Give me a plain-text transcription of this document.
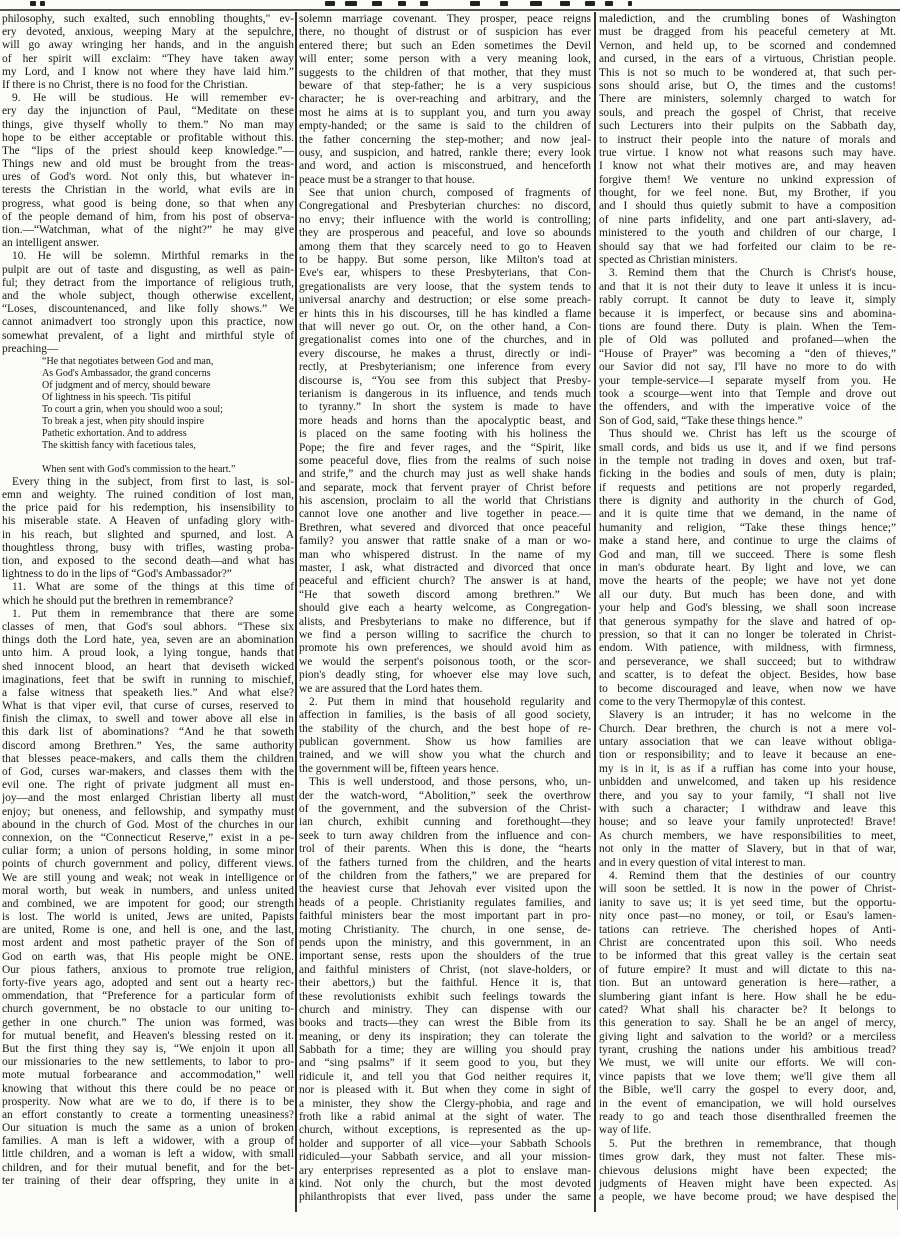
philosophy, such exalted, such ennobling thoughts," ev-
ery devoted, anxious, weeping Mary at the sepulchre,
will go away wringing her hands, and in the anguish
of her spirit will exclaim: “They have taken away
my Lord, and I know not where they have laid him.”
If there is no Christ, there is no food for the Christian.
9. He will be studious. He will remember ev-
ery day the injunction of Paul, “Meditate on these
things, give thyself wholly to them.” No man may
hope to be either acceptable or profitable without this.
The “lips of the priest should keep knowledge.”—
Things new and old must be brought from the treas-
ures of God's word. Not only this, but whatever in-
terests the Christian in the world, what evils are in
progress, what good is being done, so that when any
of the people demand of him, from his post of observa-
tion.—“Watchman, what of the night?” he may give
an intelligent answer.
10. He will be solemn. Mirthful remarks in the
pulpit are out of taste and disgusting, as well as pain-
ful; they detract from the importance of religious truth,
and the whole subject, though otherwise excellent,
“Loses, discountenanced, and like folly shows.” We
cannot animadvert too strongly upon this practice, now
somewhat prevalent, of a light and mirthful style of
preaching—
“He that negotiates between God and man,
As God's Ambassador, the grand concerns
Of judgment and of mercy, should beware
Of lightness in his speech. 'Tis pitiful
To court a grin, when you should woo a soul;
To break a jest, when pity should inspire
Pathetic exhortation. And to address
The skittish fancy with facetious tales,
When sent with God's commission to the heart.”
Every thing in the subject, from first to last, is sol-
emn and weighty. The ruined condition of lost man,
the price paid for his redemption, his insensibility to
his miserable state. A Heaven of unfading glory with-
in his reach, but slighted and spurned, and lost. A
thoughtless throng, busy with trifles, wasting proba-
tion, and exposed to the second death—and what has
lightness to do in the lips of “God's Ambassador?”
11. What are some of the things at this time of
which he should put the brethren in remembrance?
1. Put them in remembrance that there are some
classes of men, that God's soul abhors. “These six
things doth the Lord hate, yea, seven are an abomination
unto him. A proud look, a lying tongue, hands that
shed innocent blood, an heart that deviseth wicked
imaginations, feet that be swift in running to mischief,
a false witness that speaketh lies.” And what else?
What is that viper evil, that curse of curses, reserved to
finish the climax, to swell and tower above all else in
this dark list of abominations? “And he that soweth
discord among Brethren.” Yes, the same authority
that blesses peace-makers, and calls them the children
of God, curses war-makers, and classes them with the
evil one. The right of private judgment all must en-
joy—and the most enlarged Christian liberty all must
enjoy; but oneness, and fellowship, and sympathy must
abound in the church of God. Most of the churches in our
connexion, on the “Connecticut Reserve,” exist in a pe-
culiar form; a union of persons holding, in some minor
points of church government and policy, different views.
We are still young and weak; not weak in intelligence or
moral worth, but weak in numbers, and unless united
and combined, we are impotent for good; our strength
is lost. The world is united, Jews are united, Papists
are united, Rome is one, and hell is one, and the last,
most ardent and most pathetic prayer of the Son of
God on earth was, that His people might be ONE.
Our pious fathers, anxious to promote true religion,
forty-five years ago, adopted and sent out a hearty rec-
ommendation, that “Preference for a particular form of
church government, be no obstacle to our uniting to-
gether in one church.” The union was formed, was
for mutual benefit, and Heaven's blessing rested on it.
But the first thing they say is, “We enjoin it upon all
our missionaries to the new settlements, to labor to pro-
mote mutual forbearance and accommodation,” well
knowing that without this there could be no peace or
prosperity. Now what are we to do, if there is to be
an effort constantly to create a tormenting uneasiness?
Our situation is much the same as a union of broken
families. A man is left a widower, with a group of
little children, and a woman is left a widow, with small
children, and for their mutual benefit, and for the bet-
ter training of their dear offspring, they unite in a
solemn marriage covenant. They prosper, peace reigns
there, no thought of distrust or of suspicion has ever
entered there; but such an Eden sometimes the Devil
will enter; some person with a very meaning look,
suggests to the children of that mother, that they must
beware of that step-father; he is a very suspicious
character; he is over-reaching and arbitrary, and the
most he aims at is to supplant you, and turn you away
empty-handed; or the same is said to the children of
the father concerning the step-mother; and now jeal-
ousy, and suspicion, and hatred, rankle there; every look
and word, and action is misconstrued, and henceforth
peace must be a stranger to that house.
See that union church, composed of fragments of
Congregational and Presbyterian churches: no discord,
no envy; their influence with the world is controlling;
they are prosperous and peaceful, and love so abounds
among them that they scarcely need to go to Heaven
to be happy. But some person, like Milton's toad at
Eve's ear, whispers to these Presbyterians, that Con-
gregationalists are very loose, that the system tends to
universal anarchy and destruction; or else some preach-
er hints this in his discourses, till he has kindled a flame
that will never go out. Or, on the other hand, a Con-
gregationalist comes into one of the churches, and in
every discourse, he makes a thrust, directly or indi-
rectly, at Presbyterianism; one inference from every
discourse is, “You see from this subject that Presby-
terianism is dangerous in its influence, and tends much
to tyranny.” In short the system is made to have
more heads and horns than the apocalyptic beast, and
is placed on the same footing with his holiness the
Pope; the fire and fever rages, and the “Spirit, like
some peaceful dove, flies from the realms of such noise
and strife,” and the church may just as well shake hands
and separate, mock that fervent prayer of Christ before
his ascension, proclaim to all the world that Christians
cannot love one another and live together in peace.—
Brethren, what severed and divorced that once peaceful
family? you answer that rattle snake of a man or wo-
man who whispered distrust. In the name of my
master, I ask, what distracted and divorced that once
peaceful and efficient church? The answer is at hand,
“He that soweth discord among brethren.” We
should give each a hearty welcome, as Congregation-
alists, and Presbyterians to make no difference, but if
we find a person willing to sacrifice the church to
promote his own preferences, we should avoid him as
we would the serpent's poisonous tooth, or the scor-
pion's deadly sting, for whoever else may love such,
we are assured that the Lord hates them.
2. Put them in mind that household regularity and
affection in families, is the basis of all good society,
the stability of the church, and the best hope of re-
publican government. Show us how families are
trained, and we will show you what the church and
the government will be, fifteen years hence.
This is well understood, and those persons, who, un-
der the watch-word, “Abolition,” seek the overthrow
of the government, and the subversion of the Christ-
ian church, exhibit cunning and forethought—they
seek to turn away children from the influence and con-
trol of their parents. When this is done, the “hearts
of the fathers turned from the children, and the hearts
of the children from the fathers,” we are prepared for
the heaviest curse that Jehovah ever visited upon the
heads of a people. Christianity regulates families, and
faithful ministers bear the most important part in pro-
moting Christianity. The church, in one sense, de-
pends upon the ministry, and this government, in an
important sense, rests upon the shoulders of the true
and faithful ministers of Christ, (not slave-holders, or
their abettors,) but the faithful. Hence it is, that
these revolutionists exhibit such feelings towards the
church and ministry. They can dispense with our
books and tracts—they can wrest the Bible from its
meaning, or deny its inspiration; they can tolerate the
Sabbath for a time; they are willing you should pray
and “sing psalms” if it seem good to you, but they
ridicule it, and tell you that God neither requires it,
nor is pleased with it. But when they come in sight of
a minister, they show the Clergy-phobia, and rage and
froth like a rabid animal at the sight of water. The
church, without exceptions, is represented as the up-
holder and supporter of all vice—your Sabbath Schools
ridiculed—your Sabbath service, and all your mission-
ary enterprises represented as a plot to enslave man-
kind. Not only the church, but the most devoted
philanthropists that ever lived, pass under the same
malediction, and the crumbling bones of Washington
must be dragged from his peaceful cemetery at Mt.
Vernon, and held up, to be scorned and condemned
and cursed, in the ears of a virtuous, Christian people.
This is not so much to be wondered at, that such per-
sons should arise, but O, the times and the customs!
There are ministers, solemnly charged to watch for
souls, and preach the gospel of Christ, that receive
such Lecturers into their pulpits on the Sabbath day,
to instruct their people into the nature of morals and
true virtue. I know not what reasons such may have.
I know not what their motives are, and may heaven
forgive them! We venture no unkind expression of
thought, for we feel none. But, my Brother, if you
and I should thus quietly submit to have a composition
of nine parts infidelity, and one part anti-slavery, ad-
ministered to the youth and children of our charge, I
should say that we had forfeited our claim to be re-
spected as Christian ministers.
3. Remind them that the Church is Christ's house,
and that it is not their duty to leave it unless it is incu-
rably corrupt. It cannot be duty to leave it, simply
because it is imperfect, or because sins and abomina-
tions are found there. Duty is plain. When the Tem-
ple of Old was polluted and profaned—when the
“House of Prayer” was becoming a “den of thieves,”
our Savior did not say, I'll have no more to do with
your temple-service—I separate myself from you. He
took a scourge—went into that Temple and drove out
the offenders, and with the imperative voice of the
Son of God, said, “Take these things hence.”
Thus should we. Christ has left us the scourge of
small cords, and bids us use it, and if we find persons
in the temple not trading in doves and oxen, but traf-
ficking in the bodies and souls of men, duty is plain;
if requests and petitions are not properly regarded,
there is dignity and authority in the church of God,
and it is quite time that we demand, in the name of
humanity and religion, “Take these things hence;”
make a stand here, and continue to urge the claims of
God and man, till we succeed. There is some flesh
in man's obdurate heart. By light and love, we can
move the hearts of the people; we have not yet done
all our duty. But much has been done, and with
your help and God's blessing, we shall soon increase
that generous sympathy for the slave and hatred of op-
pression, so that it can no longer be tolerated in Christ-
endom. With patience, with mildness, with firmness,
and perseverance, we shall succeed; but to withdraw
and scatter, is to defeat the object. Besides, how base
to become discouraged and leave, when now we have
come to the very Thermopylæ of this contest.
Slavery is an intruder; it has no welcome in the
Church. Dear brethren, the church is not a mere vol-
untary association that we can leave without obliga-
tion or responsibility; and to leave it because an ene-
my is in it, is as if a ruffian has come into your house,
unbidden and unwelcomed, and taken up his residence
there, and you say to your family, “I shall not live
with such a character; I withdraw and leave this
house; and so leave your family unprotected! Brave!
As church members, we have responsibilities to meet,
not only in the matter of Slavery, but in that of war,
and in every question of vital interest to man.
4. Remind them that the destinies of our country
will soon be settled. It is now in the power of Christ-
ianity to save us; it is yet seed time, but the opportu-
nity once past—no money, or toil, or Esau's lamen-
tations can retrieve. The cherished hopes of Anti-
Christ are concentrated upon this soil. Who needs
to be informed that this great valley is the certain seat
of future empire? It must and will dictate to this na-
tion. But an untoward generation is here—rather, a
slumbering giant infant is here. How shall he be edu-
cated? What shall his character be? It belongs to
this generation to say. Shall he be an angel of mercy,
giving light and salvation to the world? or a merciless
tyrant, crushing the nations under his ambitious tread?
We must, we will unite our efforts. We will con-
vince papists that we love them; we'll give them all
the Bible, we'll carry the gospel to every door, and,
in the event of emancipation, we will hold ourselves
ready to go and teach those disenthralled freemen the
way of life.
5. Put the brethren in remembrance, that though
times grow dark, they must not falter. These mis-
chievous delusions might have been expected; the
judgments of Heaven might have been expected. As
a people, we have become proud; we have despised the
